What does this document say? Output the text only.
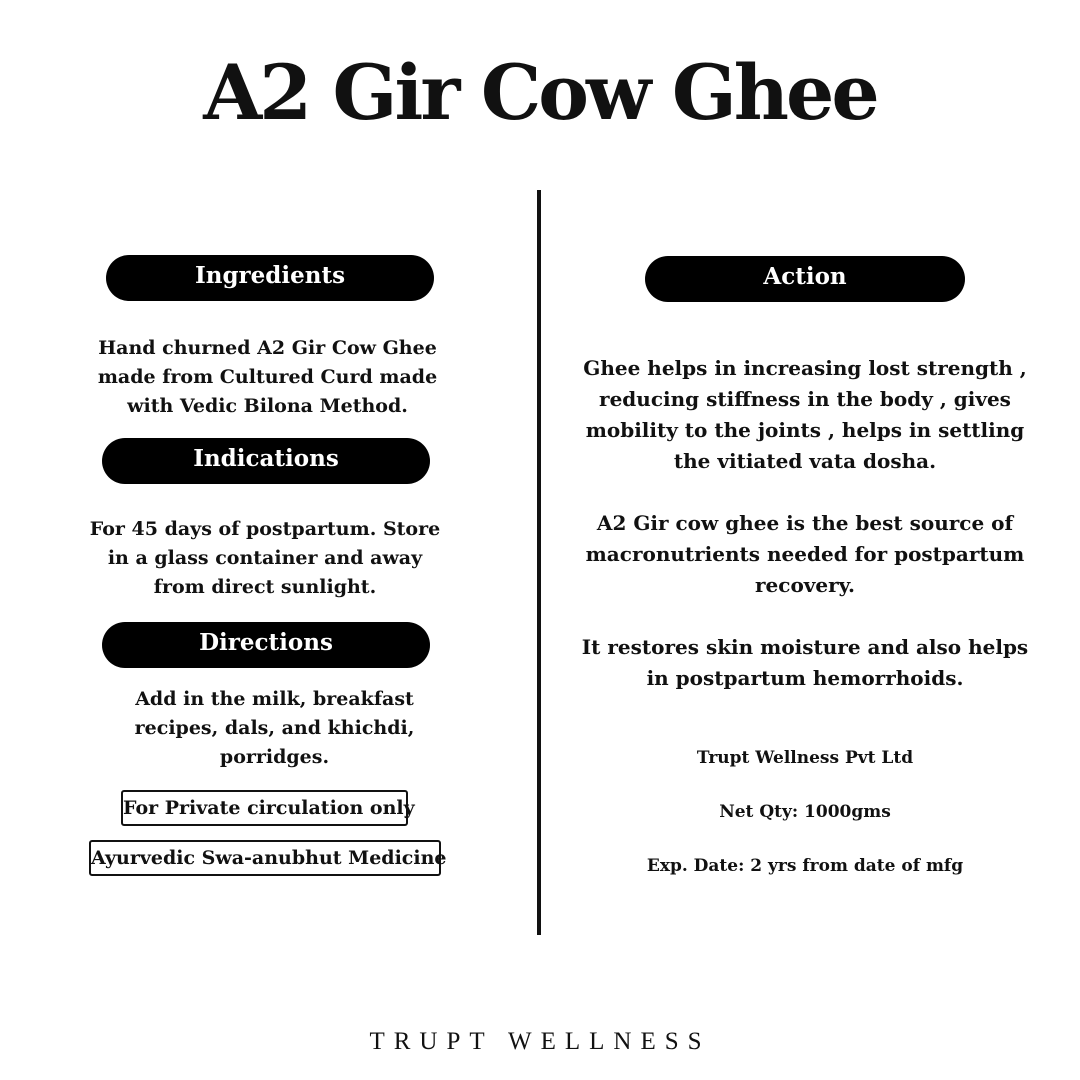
A2 Gir Cow Ghee
Ingredients

Hand churned A2 Gir Cow Ghee made from Cultured Curd made with Vedic Bilona Method.

Indications

For 45 days of postpartum. Store in a glass container and away from direct sunlight.

Directions

Add in the milk, breakfast recipes, dals, and khichdi, porridges.

For Private circulation only
Ayurvedic Swa-anubhut Medicine
Action

Ghee helps in increasing lost strength , reducing stiffness in the body , gives mobility to the joints , helps in settling the vitiated vata dosha.

A2 Gir cow ghee is the best source of macronutrients needed for postpartum recovery.

It restores skin moisture and also helps in postpartum hemorrhoids.

Trupt Wellness Pvt Ltd
Net Qty: 1000gms
Exp. Date: 2 yrs from date of mfg
TRUPT WELLNESS
